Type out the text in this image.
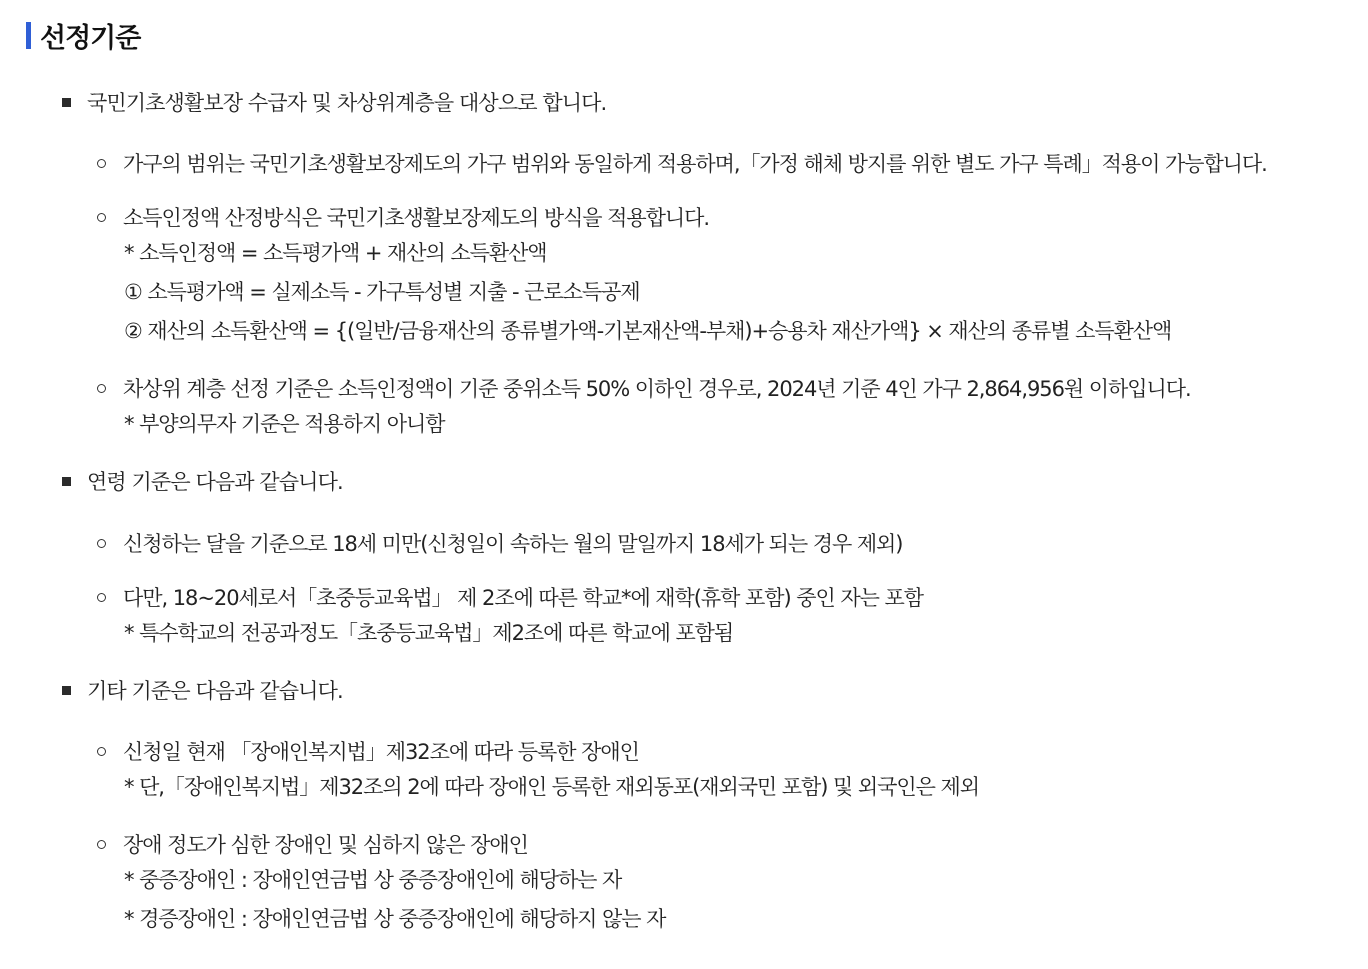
선정기준
국민기초생활보장 수급자 및 차상위계층을 대상으로 합니다.
가구의 범위는 국민기초생활보장제도의 가구 범위와 동일하게 적용하며,「가정 해체 방지를 위한 별도 가구 특례」적용이 가능합니다.
소득인정액 산정방식은 국민기초생활보장제도의 방식을 적용합니다.
* 소득인정액 = 소득평가액 + 재산의 소득환산액
① 소득평가액 = 실제소득 - 가구특성별 지출 - 근로소득공제
② 재산의 소득환산액 = {(일반/금융재산의 종류별가액-기본재산액-부채)+승용차 재산가액} × 재산의 종류별 소득환산액
차상위 계층 선정 기준은 소득인정액이 기준 중위소득 50% 이하인 경우로, 2024년 기준 4인 가구 2,864,956원 이하입니다.
* 부양의무자 기준은 적용하지 아니함
연령 기준은 다음과 같습니다.
신청하는 달을 기준으로 18세 미만(신청일이 속하는 월의 말일까지 18세가 되는 경우 제외)
다만, 18~20세로서「초중등교육법」 제 2조에 따른 학교*에 재학(휴학 포함) 중인 자는 포함
* 특수학교의 전공과정도「초중등교육법」제2조에 따른 학교에 포함됨
기타 기준은 다음과 같습니다.
신청일 현재 「장애인복지법」제32조에 따라 등록한 장애인
* 단,「장애인복지법」제32조의 2에 따라 장애인 등록한 재외동포(재외국민 포함) 및 외국인은 제외
장애 정도가 심한 장애인 및 심하지 않은 장애인
* 중증장애인 : 장애인연금법 상 중증장애인에 해당하는 자
* 경증장애인 : 장애인연금법 상 중증장애인에 해당하지 않는 자
